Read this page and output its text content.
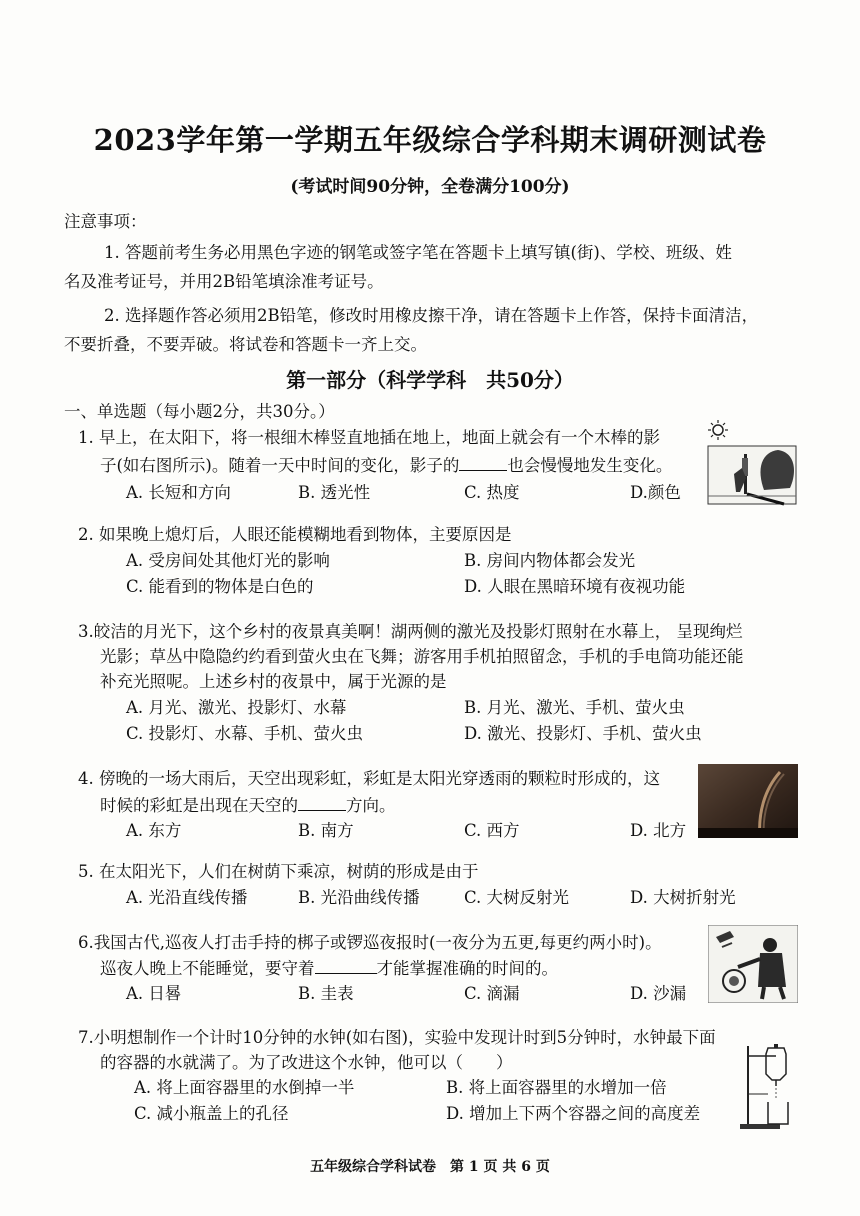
2023学年第一学期五年级综合学科期末调研测试卷
(考试时间90分钟，全卷满分100分)
注意事项：
1. 答题前考生务必用黑色字迹的钢笔或签字笔在答题卡上填写镇(街)、学校、班级、姓
名及准考证号，并用2B铅笔填涂准考证号。
2. 选择题作答必须用2B铅笔，修改时用橡皮擦干净，请在答题卡上作答，保持卡面清洁，
不要折叠，不要弄破。将试卷和答题卡一齐上交。
第一部分（科学学科　共50分）
一、单选题（每小题2分，共30分。）
1. 早上，在太阳下，将一根细木棒竖直地插在地上，地面上就会有一个木棒的影
子(如右图所示)。随着一天中时间的变化，影子的	也会慢慢地发生变化。
A. 长短和方向	B. 透光性	C. 热度	D.颜色
2. 如果晚上熄灯后，人眼还能模糊地看到物体，主要原因是
A. 受房间处其他灯光的影响	B. 房间内物体都会发光
C. 能看到的物体是白色的	D. 人眼在黑暗环境有夜视功能
3.皎洁的月光下，这个乡村的夜景真美啊！湖两侧的激光及投影灯照射在水幕上， 呈现绚烂
光影；草丛中隐隐约约看到萤火虫在飞舞；游客用手机拍照留念，手机的手电筒功能还能
补充光照呢。上述乡村的夜景中，属于光源的是
A. 月光、激光、投影灯、水幕	B. 月光、激光、手机、萤火虫
C. 投影灯、水幕、手机、萤火虫	D. 激光、投影灯、手机、萤火虫
4. 傍晚的一场大雨后，天空出现彩虹，彩虹是太阳光穿透雨的颗粒时形成的，这
时候的彩虹是出现在天空的	方向。
A. 东方	B. 南方	C. 西方	D. 北方
5. 在太阳光下，人们在树荫下乘凉，树荫的形成是由于
A. 光沿直线传播	B. 光沿曲线传播	C. 大树反射光	D. 大树折射光
6.我国古代,巡夜人打击手持的梆子或锣巡夜报时(一夜分为五更,每更约两小时)。
巡夜人晚上不能睡觉，要守着	才能掌握准确的时间的。
A. 日晷	B. 圭表	C. 滴漏	D. 沙漏
7.小明想制作一个计时10分钟的水钟(如右图)，实验中发现计时到5分钟时，水钟最下面
的容器的水就满了。为了改进这个水钟，他可以（　　）
A. 将上面容器里的水倒掉一半	B. 将上面容器里的水增加一倍
C. 减小瓶盖上的孔径	D. 增加上下两个容器之间的高度差
五年级综合学科试卷　第 1 页 共 6 页
